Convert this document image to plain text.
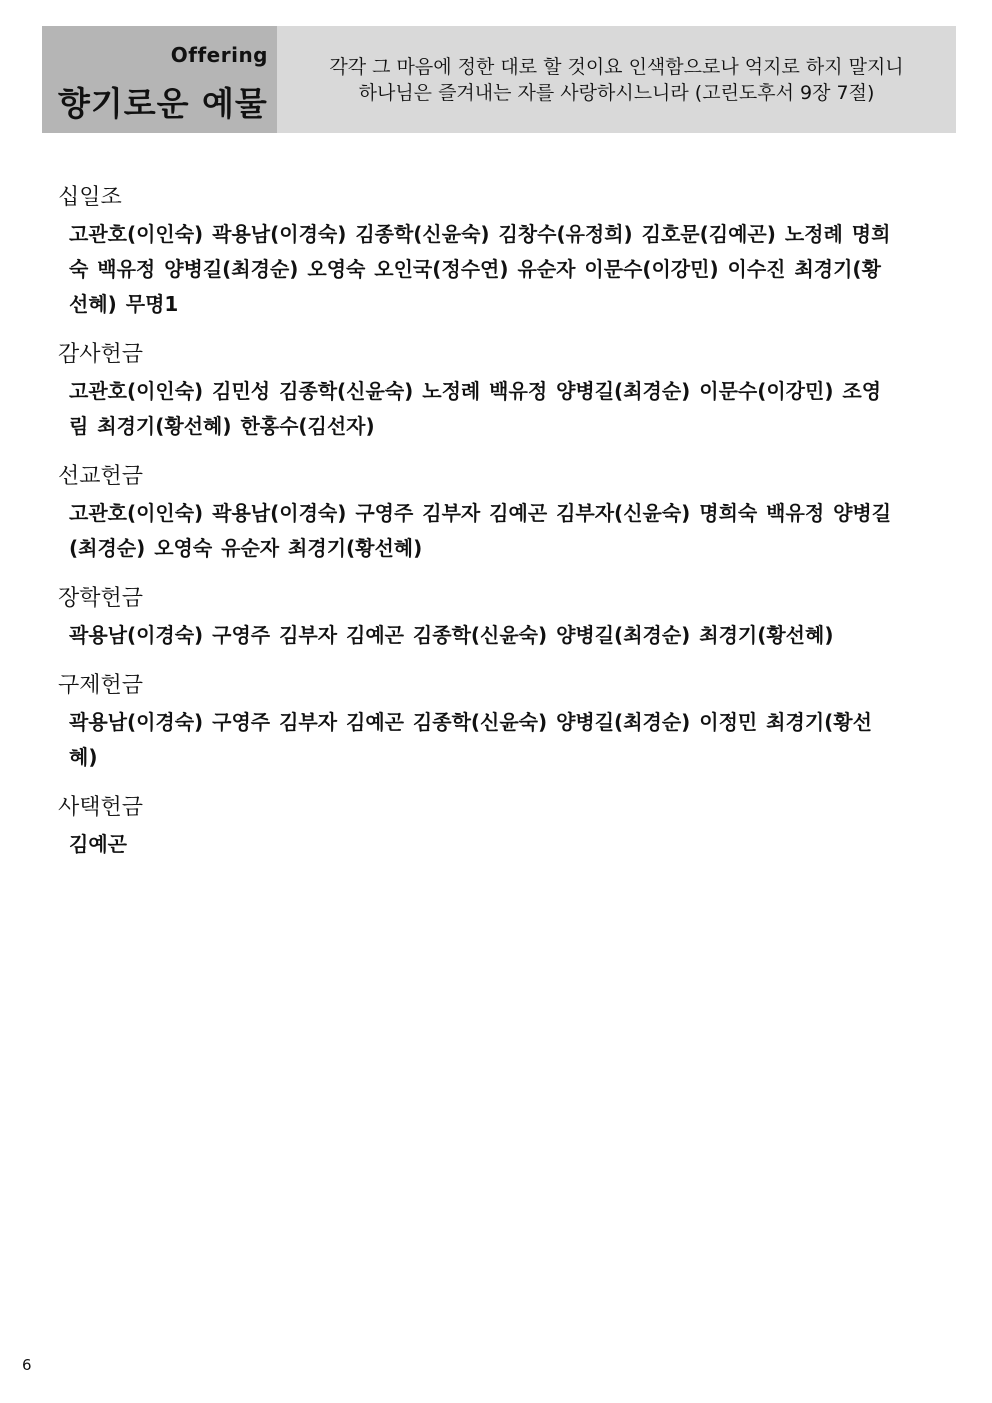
Offering
향기로운 예물
각각 그 마음에 정한 대로 할 것이요 인색함으로나 억지로 하지 말지니
하나님은 즐겨내는 자를 사랑하시느니라 (고린도후서 9장 7절)
십일조
고관호(이인숙) 곽용남(이경숙) 김종학(신윤숙) 김창수(유정희) 김호문(김예곤) 노정례 명희숙 백유정 양병길(최경순) 오영숙 오인국(정수연) 유순자 이문수(이강민) 이수진 최경기(황선혜) 무명1
감사헌금
고관호(이인숙) 김민성 김종학(신윤숙) 노정례 백유정 양병길(최경순) 이문수(이강민) 조영림 최경기(황선혜) 한홍수(김선자)
선교헌금
고관호(이인숙) 곽용남(이경숙) 구영주 김부자 김예곤 김부자(신윤숙) 명희숙 백유정 양병길(최경순) 오영숙 유순자 최경기(황선혜)
장학헌금
곽용남(이경숙) 구영주 김부자 김예곤 김종학(신윤숙) 양병길(최경순) 최경기(황선혜)
구제헌금
곽용남(이경숙) 구영주 김부자 김예곤 김종학(신윤숙) 양병길(최경순) 이정민 최경기(황선혜)
사택헌금
김예곤
6
